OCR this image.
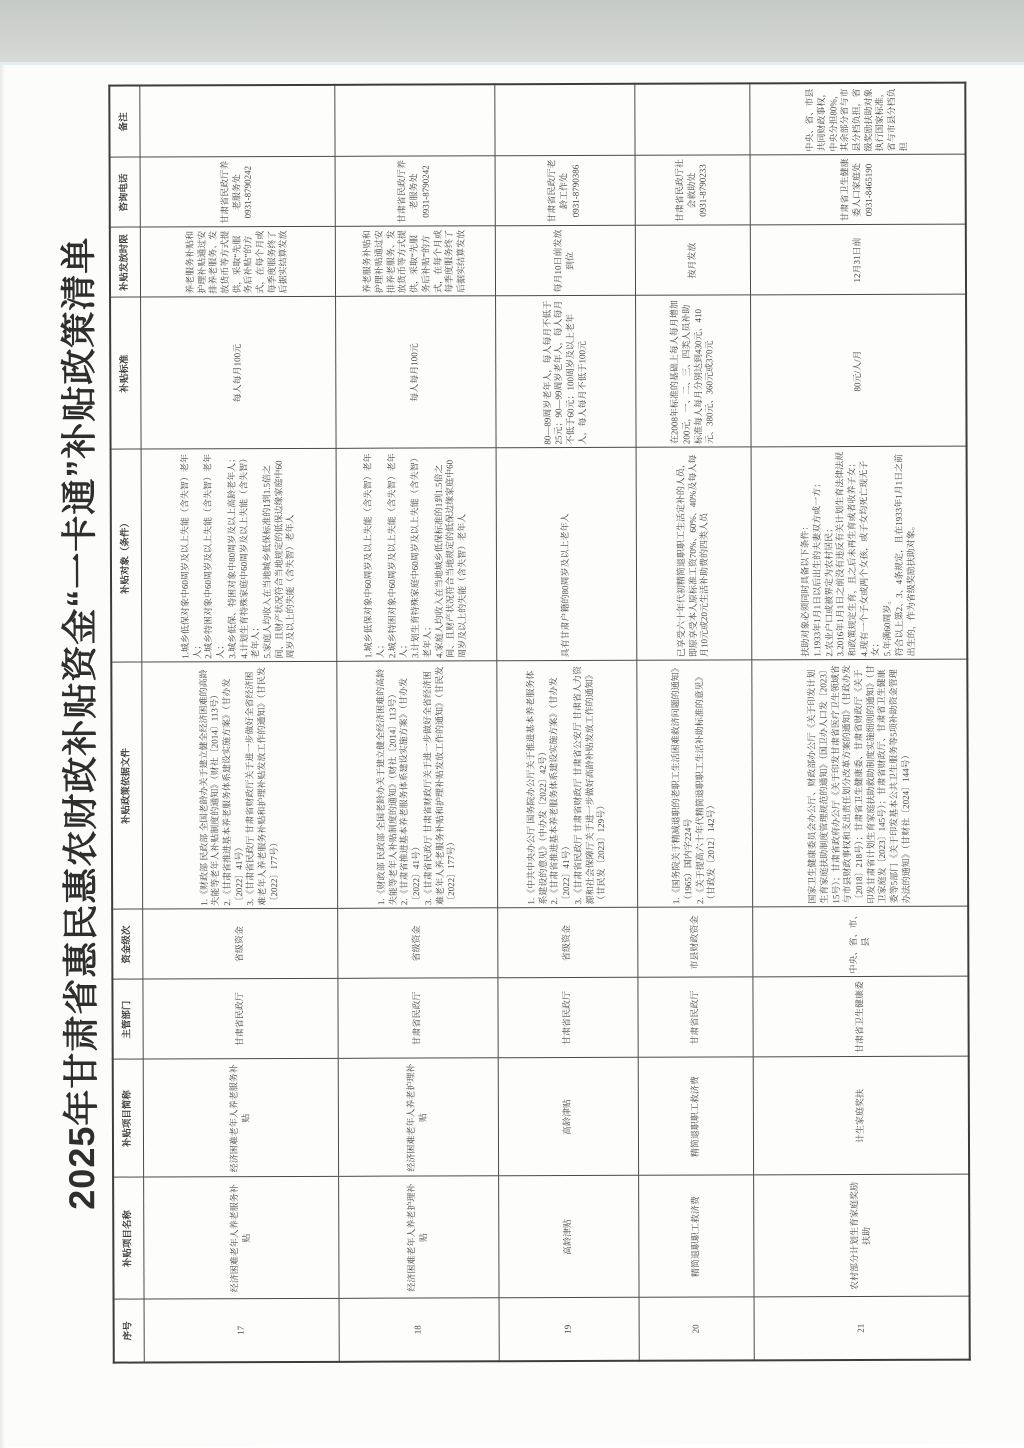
2025年甘肃省惠民惠农财政补贴资金“一卡通”补贴政策清单
序号	补贴项目名称	补贴项目简称	主管部门	资金级次	补贴政策依据文件	补贴对象（条件）	补贴标准	补贴发放时限	咨询电话	备注
17	经济困难老年人养老服务补贴	经济困难老年人养老服务补贴	甘肃省民政厅	省级资金	1.《财政部 民政部 全国老龄办关于建立健全经济困难的高龄失能等老年人补贴制度的通知》（财社〔2014〕113号）
2.《甘肃省推进基本养老服务体系建设实施方案》（甘办发〔2022〕41号）
3.《甘肃省民政厅 甘肃省财政厅关于进一步做好全省经济困难老年人养老服务补贴和护理补贴发放工作的通知》（甘民发〔2022〕177号）	1.城乡低保对象中60周岁及以上失能（含失智）老年人；
2.城乡特困对象中60周岁及以上失能（含失智）老年人；
3.城乡低保、特困对象中80周岁及以上高龄老年人；
4.计划生育特殊家庭中60周岁及以上失能（含失智）老年人；
5.家庭人均收入在当地城乡低保标准的1到1.5倍之间、且财产状况符合当地规定的低保边缘家庭中60周岁及以上的失能（含失智）老年人	每人每月100元	养老服务补贴和护理补贴通过安排养老服务、发放货币等方式提供，采取“先服务后补贴”的方式，在每个月或每季度服务终了后据实结算发放	甘肃省民政厅养老服务处
0931-8790242	
18	经济困难老年人养老护理补贴	经济困难老年人养老护理补贴	甘肃省民政厅	省级资金	1.《财政部 民政部 全国老龄办关于建立健全经济困难的高龄失能等老年人补贴制度的通知》（财社〔2014〕113号）
2.《甘肃省推进基本养老服务体系建设实施方案》（甘办发〔2022〕41号）
3.《甘肃省民政厅 甘肃省财政厅关于进一步做好全省经济困难老年人养老服务补贴和护理补贴发放工作的通知》（甘民发〔2022〕177号）	1.城乡低保对象中60周岁及以上失能（含失智）老年人；
2.城乡特困对象中60周岁及以上失能（含失智）老年人；
3.计划生育特殊家庭中60周岁及以上失能（含失智）老年人；
4.家庭人均收入在当地城乡低保标准的1到1.5倍之间、且财产状况符合当地规定的低保边缘家庭中60周岁及以上的失能（含失智）老年人	每人每月100元	养老服务补贴和护理补贴通过安排养老服务、发放货币等方式提供，采取“先服务后补贴”的方式，在每个月或每季度服务终了后据实结算发放	甘肃省民政厅养老服务处
0931-8790242	
19	高龄津贴	高龄津贴	甘肃省民政厅	省级资金	1.《中共中央办公厅 国务院办公厅关于推进基本养老服务体系建设的意见》（中办发〔2022〕42号）
2.《甘肃省推进基本养老服务体系建设实施方案》（甘办发〔2022〕41号）
3.《甘肃省民政厅 甘肃省财政厅 甘肃省公安厅 甘肃省人力资源和社会保障厅关于进一步做好高龄补贴发放工作的通知》（甘民发〔2023〕129号）	具有甘肃户籍的80周岁及以上老年人	80—89周岁老年人，每人每月不低于25元；90—99周岁老年人，每人每月不低于60元；100周岁及以上老年人，每人每月不低于100元	每月10日前发放到位	甘肃省民政厅老龄工作处
0931-8790386	
20	精简退职职工救济费	精简退职职工救济费	甘肃省民政厅	市县财政资金	1.《国务院关于精减退职的老职工生活困难救济问题的通知》（1965）国内字224号
2.《关于提高六十年代精简退职职工生活补助标准的意见》（甘政发〔2012〕142号）	已享受六十年代初精简退职职工生活定补的人员，即原享受本人原标准工资70%、60%、40%及每人每月10元或20元生活补助费的四类人员	在2008年标准的基础上每人每月增加200元，一、二、三、四类人员补助标准每人每月分别达到430元、410元、380元、360元或370元	按月发放	甘肃省民政厅社会救助处
0931-8790233	
21	农村部分计划生育家庭奖励扶助	计生家庭奖扶	甘肃省卫生健康委	中央、省、市、县	国家卫生健康委员会办公厅、财政部办公厅《关于印发计划生育家庭扶助制度管理规范的通知》（国卫办人口发〔2023〕15号）；甘肃省政府办公厅《关于印发甘肃省医疗卫生领域省与市县财政事权和支出责任划分改革方案的通知》（甘政办发〔2018〕218号）；甘肃省卫生健康委、甘肃省财政厅《关于印发甘肃省计划生育家庭扶助救助制度实施细则的通知》（甘卫家庭发〔2023〕145号）；甘肃省财政厅、甘肃省卫生健康委等5部门《关于印发基本公共卫生服务等5项补助资金管理办法的通知》（甘财社〔2024〕144号）	扶助对象必须同时具备以下条件：
1.1933年1月1日以后出生的夫妻双方或一方；
2.农业户口或被界定为农村居民；
3.2016年1月1日之前没有违反有关计划生育法律法规和政策规定生育，且之后未再生育或者收养子女；
4.现有一个子女或两个女孩，或子女均死亡现无子女；
5.年满60周岁。
符合以上第2、3、4条规定，且在1933年1月1日之前出生的，作为省级奖励扶助对象。	80元/人/月	12月31日前	甘肃省卫生健康委人口家庭处
0931-8465190	中央、省、市县共同财政事权，中央分担80%，其余部分省与市县分档负担，省级奖励扶助对象执行国家标准，省与市县分档负担
